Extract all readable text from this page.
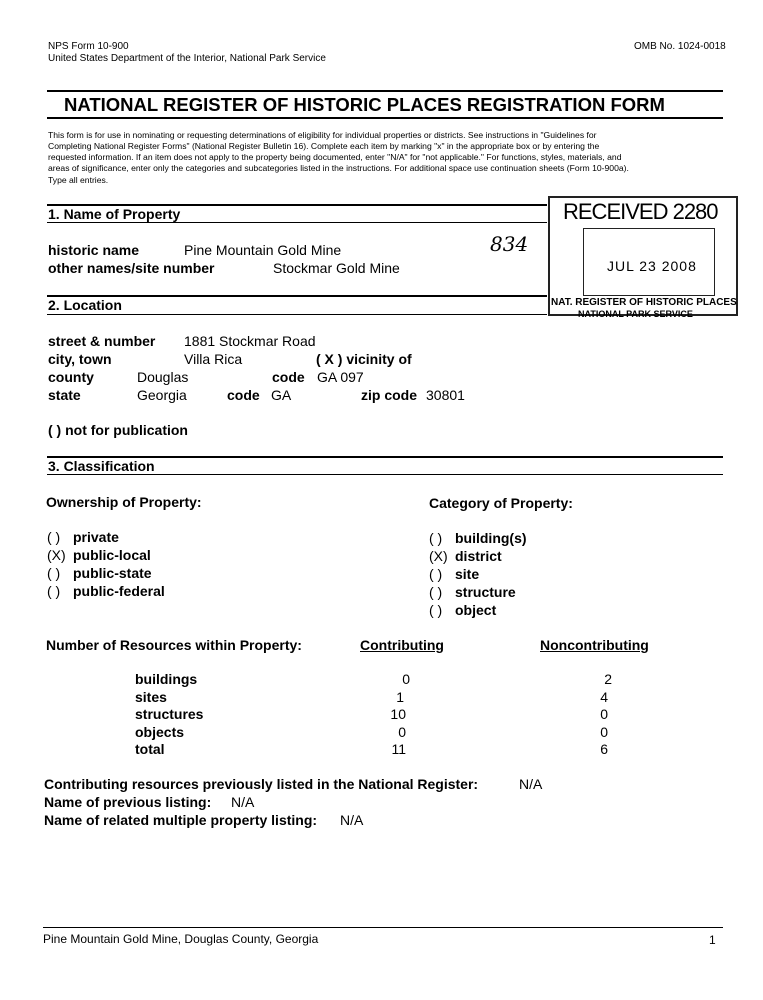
NPS Form 10-900
United States Department of the Interior, National Park Service
OMB No. 1024-0018
NATIONAL REGISTER OF HISTORIC PLACES REGISTRATION FORM
This form is for use in nominating or requesting determinations of eligibility for individual properties or districts. See instructions in "Guidelines for
Completing National Register Forms" (National Register Bulletin 16). Complete each item by marking "x" in the appropriate box or by entering the
requested information. If an item does not apply to the property being documented, enter "N/A" for "not applicable." For functions, styles, materials, and
areas of significance, enter only the categories and subcategories listed in the instructions. For additional space use continuation sheets (Form 10-900a).
Type all entries.
RECEIVED 2280
JUL 23 2008
NAT. REGISTER OF HISTORIC PLACES
NATIONAL PARK SERVICE
834
1. Name of Property
historic name	Pine Mountain Gold Mine
other names/site number	Stockmar Gold Mine
2. Location
street & number 1881 Stockmar Road
city, town	Villa Rica	( X ) vicinity of
county	Douglas	code GA 097
state	Georgia	code GA	zip code 30801
( ) not for publication
3. Classification
Ownership of Property:	Category of Property:
( ) private
(X) public-local
( ) public-state
( ) public-federal
( ) building(s)
(X) district
( ) site
( ) structure
( ) object
Number of Resources within Property:	Contributing	Noncontributing
buildings	0	2
sites	1	4
structures	10	0
objects	0	0
total	11	6
Contributing resources previously listed in the National Register:	N/A
Name of previous listing: N/A
Name of related multiple property listing: N/A
Pine Mountain Gold Mine, Douglas County, Georgia	1
